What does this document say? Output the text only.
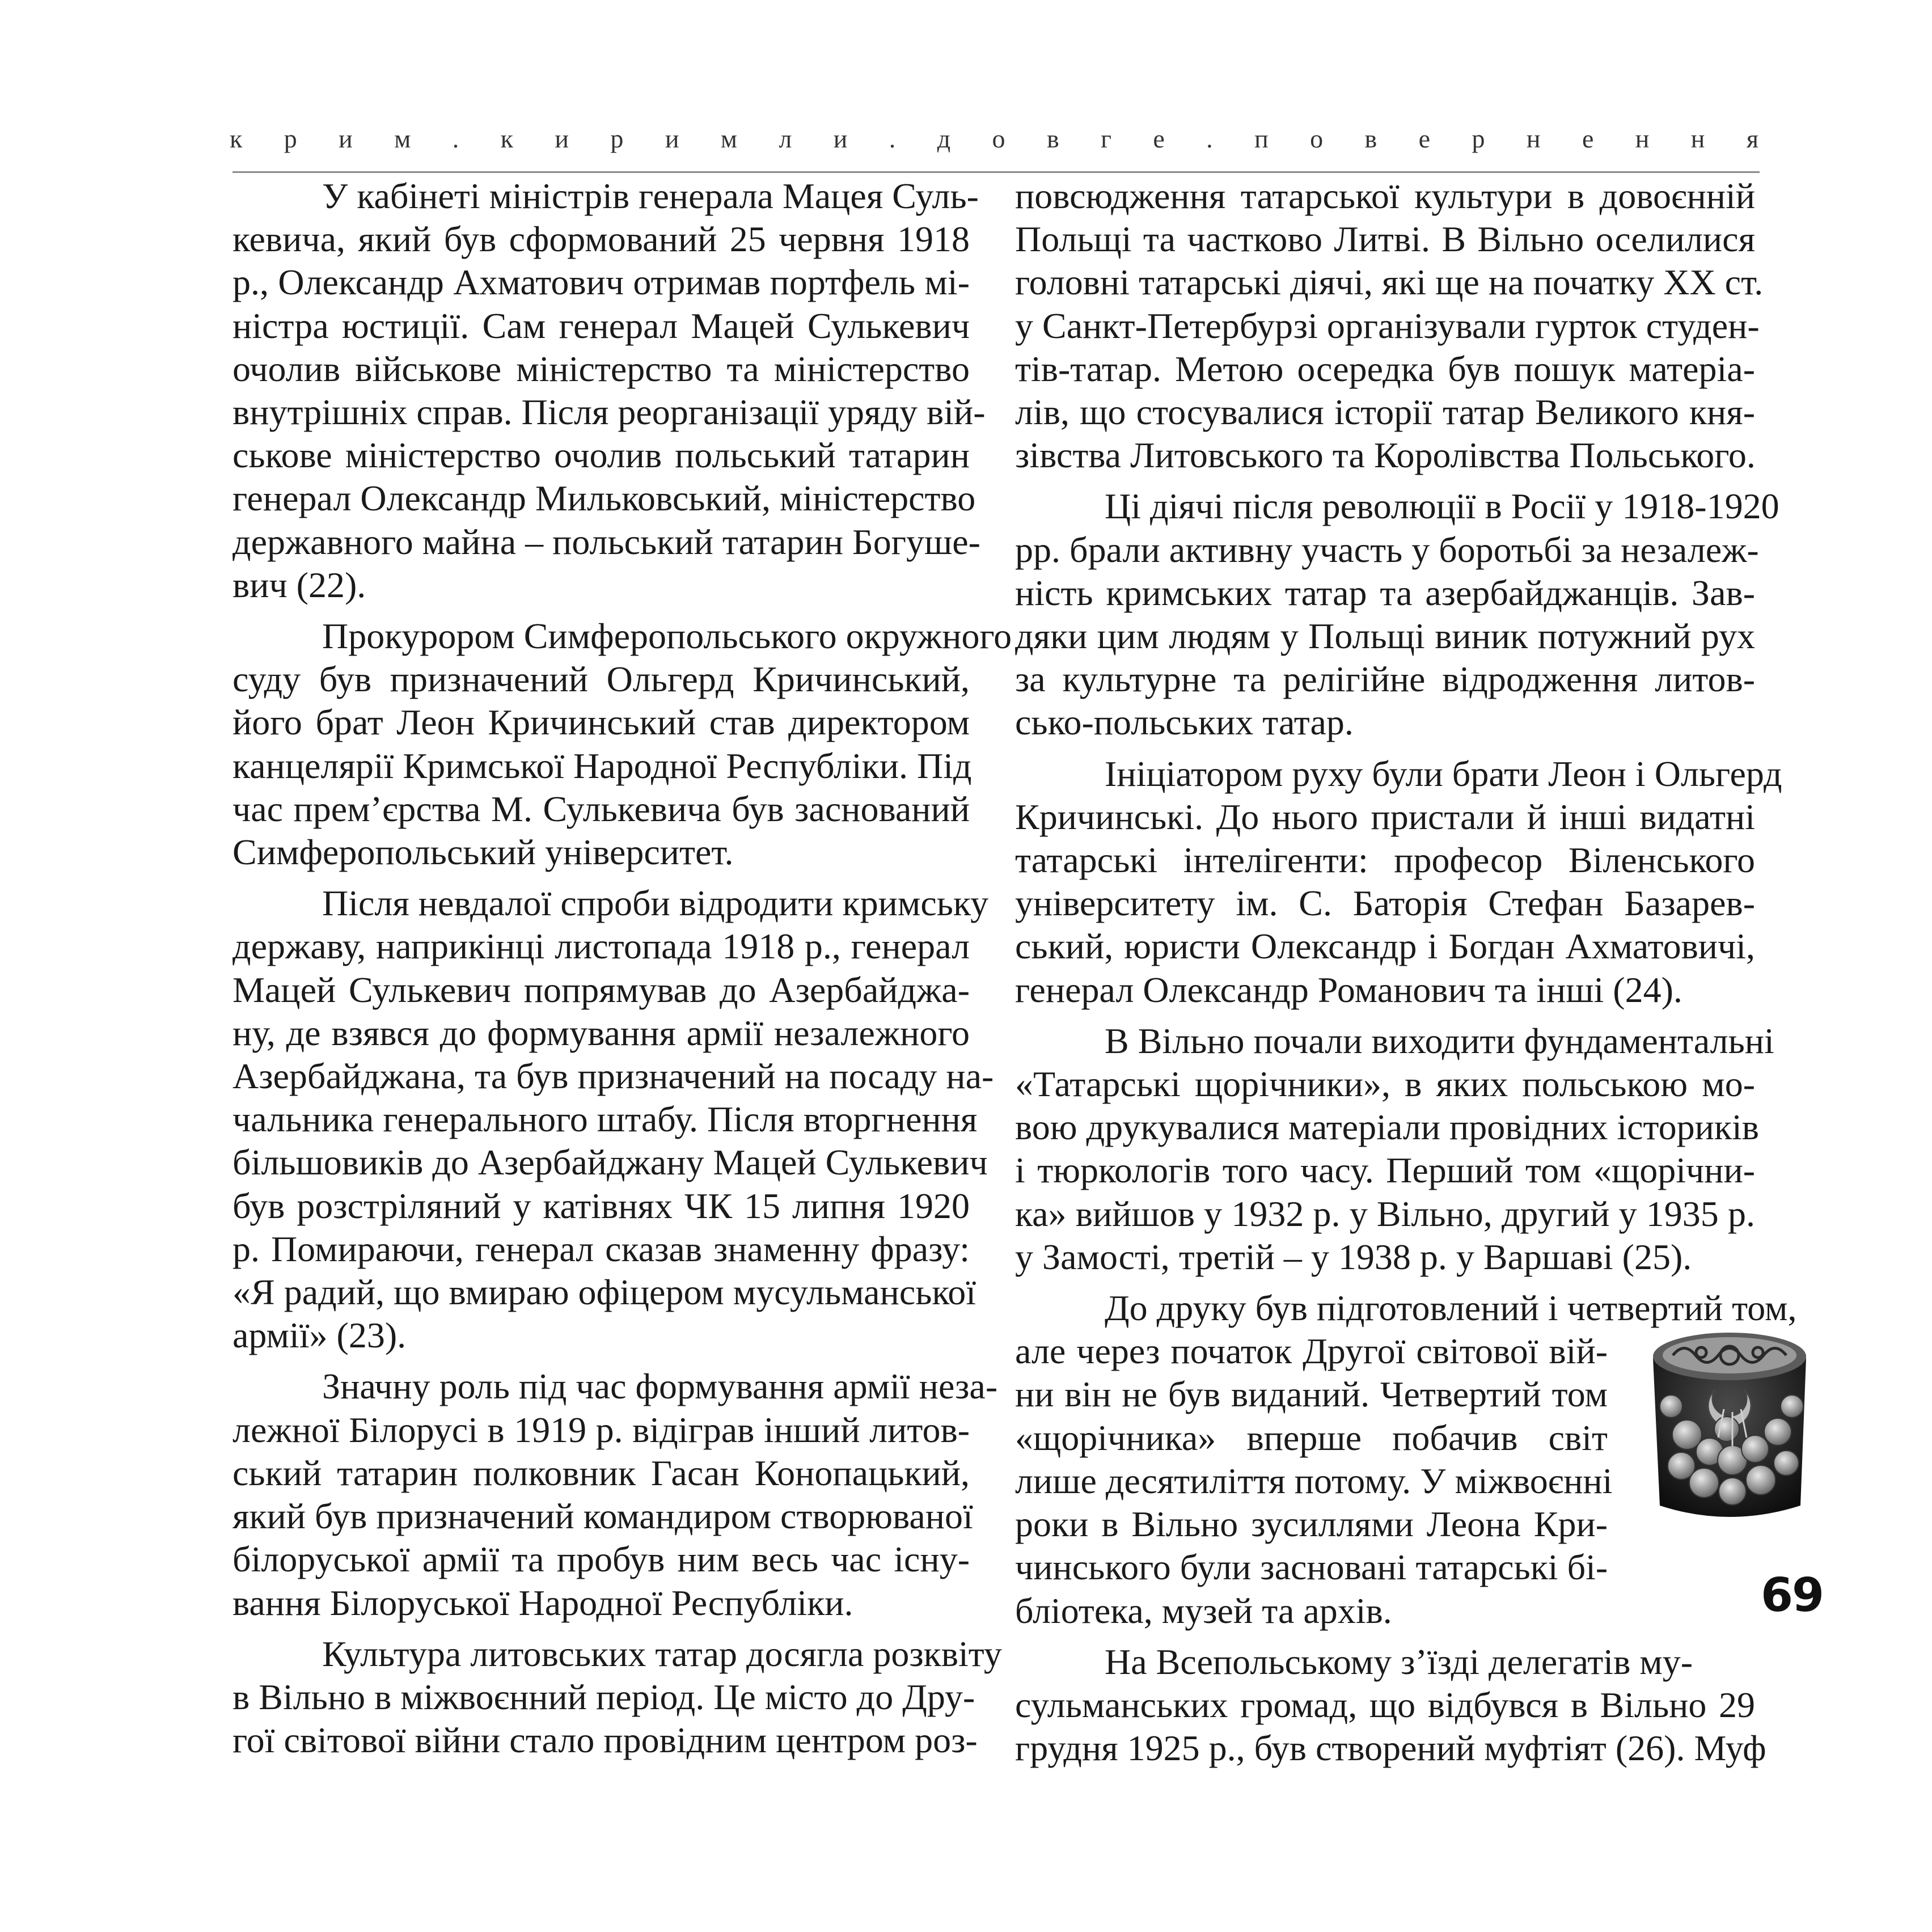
к р и м . к и р и м л и . д о в г е . п о в е р н е н н я

У кабінеті міністрів генерала Мацея Суль-
кевича, який був сформований 25 червня 1918
р., Олександр Ахматович отримав портфель мі-
ністра юстиції. Сам генерал Мацей Сулькевич
очолив військове міністерство та міністерство
внутрішніх справ. Після реорганізації уряду вій-
ськове міністерство очолив польський татарин
генерал Олександр Мильковський, міністерство
державного майна – польський татарин Богуше-
вич (22).

Прокурором Симферопольського окружного
суду був призначений Ольгерд Кричинський,
його брат Леон Кричинський став директором
канцелярії Кримської Народної Республіки. Під
час прем’єрства М. Сулькевича був заснований
Симферопольський університет.

Після невдалої спроби відродити кримську
державу, наприкінці листопада 1918 р., генерал
Мацей Сулькевич попрямував до Азербайджа-
ну, де взявся до формування армії незалежного
Азербайджана, та був призначений на посаду на-
чальника генерального штабу. Після вторгнення
більшовиків до Азербайджану Мацей Сулькевич
був розстріляний у катівнях ЧК 15 липня 1920
р. Помираючи, генерал сказав знаменну фразу:
«Я радий, що вмираю офіцером мусульманської
армії» (23).

Значну роль під час формування армії неза-
лежної Білорусі в 1919 р. відіграв інший литов-
ський татарин полковник Гасан Конопацький,
який був призначений командиром створюваної
білоруської армії та пробув ним весь час існу-
вання Білоруської Народної Республіки.

Культура литовських татар досягла розквіту
в Вільно в міжвоєнний період. Це місто до Дру-
гої світової війни стало провідним центром роз-

повсюдження татарської культури в довоєнній
Польщі та частково Литві. В Вільно оселилися
головні татарські діячі, які ще на початку XX ст.
у Санкт-Петербурзі організували гурток студен-
тів-татар. Метою осередка був пошук матеріа-
лів, що стосувалися історії татар Великого кня-
зівства Литовського та Королівства Польського.

Ці діячі після революції в Росії у 1918-1920
рр. брали активну участь у боротьбі за незалеж-
ність кримських татар та азербайджанців. Зав-
дяки цим людям у Польщі виник потужний рух
за культурне та релігійне відродження литов-
сько-польських татар.

Ініціатором руху були брати Леон і Ольгерд
Кричинські. До нього пристали й інші видатні
татарські інтелігенти: професор Віленського
університету ім. С. Баторія Стефан Базарев-
ський, юристи Олександр і Богдан Ахматовичі,
генерал Олександр Романович та інші (24).

В Вільно почали виходити фундаментальні
«Татарські щорічники», в яких польською мо-
вою друкувалися матеріали провідних істориків
і тюркологів того часу. Перший том «щорічни-
ка» вийшов у 1932 р. у Вільно, другий у 1935 р.
у Замості, третій – у 1938 р. у Варшаві (25).

До друку був підготовлений і четвертий том,
але через початок Другої світової вій-
ни він не був виданий. Четвертий том
«щорічника» вперше побачив світ
лише десятиліття потому. У міжвоєнні
роки в Вільно зусиллями Леона Кри-
чинського були засновані татарські бі-
бліотека, музей та архів.

На Всепольському з’їзді делегатів му-
сульманських громад, що відбувся в Вільно 29
грудня 1925 р., був створений муфтіят (26). Муф

69
